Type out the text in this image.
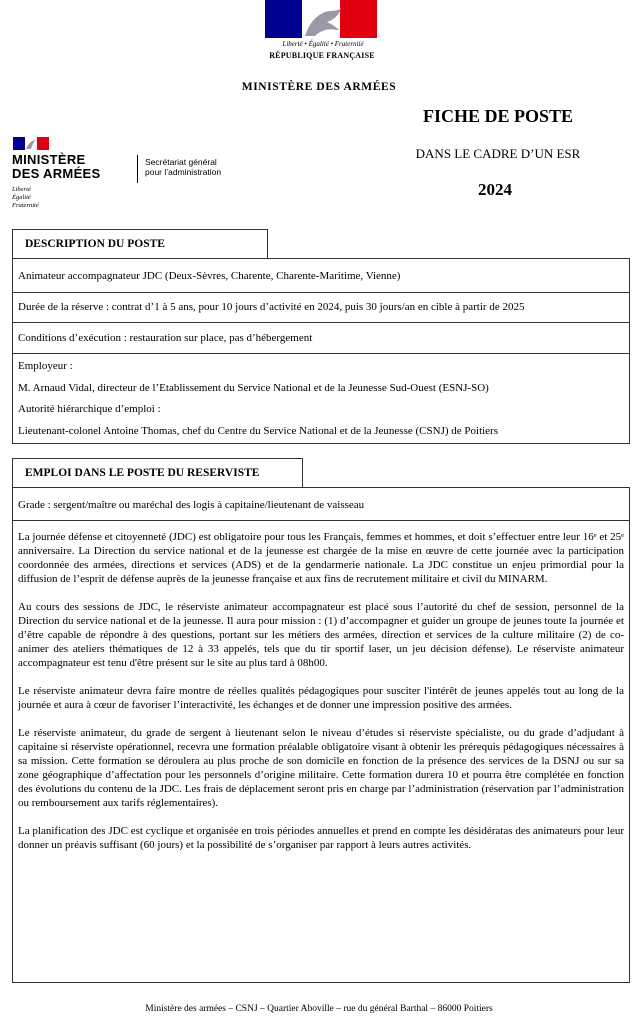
Liberté • Égalité • Fraternité
RÉPUBLIQUE FRANÇAISE
MINISTÈRE DES ARMÉES
MINISTÈRE
DES ARMÉES
Liberté
Égalité
Fraternité
Secrétariat général
pour l’administration
FICHE DE POSTE
DANS LE CADRE D’UN ESR
2024
DESCRIPTION DU POSTE
Animateur accompagnateur JDC (Deux-Sèvres, Charente, Charente-Maritime, Vienne)
Durée de la réserve : contrat d’1 à 5 ans, pour 10 jours d’activité en 2024, puis 30 jours/an en cible à partir de 2025
Conditions d’exécution : restauration sur place, pas d’hébergement
Employeur :
M. Arnaud Vidal, directeur de l’Etablissement du Service National et de la Jeunesse Sud-Ouest (ESNJ-SO)
Autorité hiérarchique d’emploi :
Lieutenant-colonel Antoine Thomas, chef du Centre du Service National et de la Jeunesse (CSNJ) de Poitiers
EMPLOI DANS LE POSTE DU RESERVISTE
Grade : sergent/maître ou maréchal des logis à capitaine/lieutenant de vaisseau

La journée défense et citoyenneté (JDC) est obligatoire pour tous les Français, femmes et hommes, et doit s’effectuer entre leur 16ᵉ et 25ᵉ anniversaire. La Direction du service national et de la jeunesse est chargée de la mise en œuvre de cette journée avec la participation coordonnée des armées, directions et services (ADS) et de la gendarmerie nationale. La JDC constitue un enjeu primordial pour la diffusion de l’esprit de défense auprès de la jeunesse française et aux fins de recrutement militaire et civil du MINARM.

Au cours des sessions de JDC, le réserviste animateur accompagnateur est placé sous l’autorité du chef de session, personnel de la Direction du service national et de la jeunesse. Il aura pour mission : (1) d’accompagner et guider un groupe de jeunes toute la journée et d’être capable de répondre à des questions, portant sur les métiers des armées, direction et services de la culture militaire (2) de co-animer des ateliers thématiques de 12 à 33 appelés, tels que du tir sportif laser, un jeu décision défense). Le réserviste animateur accompagnateur est tenu d'être présent sur le site au plus tard à 08h00.

Le réserviste animateur devra faire montre de réelles qualités pédagogiques pour susciter l'intérêt de jeunes appelés tout au long de la journée et aura à cœur de favoriser l’interactivité, les échanges et de donner une impression positive des armées.

Le réserviste animateur, du grade de sergent à lieutenant selon le niveau d’études si réserviste spécialiste, ou du grade d’adjudant à capitaine si réserviste opérationnel, recevra une formation préalable obligatoire visant à obtenir les prérequis pédagogiques nécessaires à sa mission. Cette formation se déroulera au plus proche de son domicile en fonction de la présence des services de la DSNJ ou sur sa zone géographique d’affectation pour les personnels d’origine militaire. Cette formation durera 10 et pourra être complétée en fonction des évolutions du contenu de la JDC. Les frais de déplacement seront pris en charge par l’administration (réservation par l’administration ou remboursement aux tarifs réglementaires).

La planification des JDC est cyclique et organisée en trois périodes annuelles et prend en compte les désidératas des animateurs pour leur donner un préavis suffisant (60 jours) et la possibilité de s’organiser par rapport à leurs autres activités.

Ministère des armées – CSNJ – Quartier Aboville – rue du général Barthal – 86000 Poitiers
